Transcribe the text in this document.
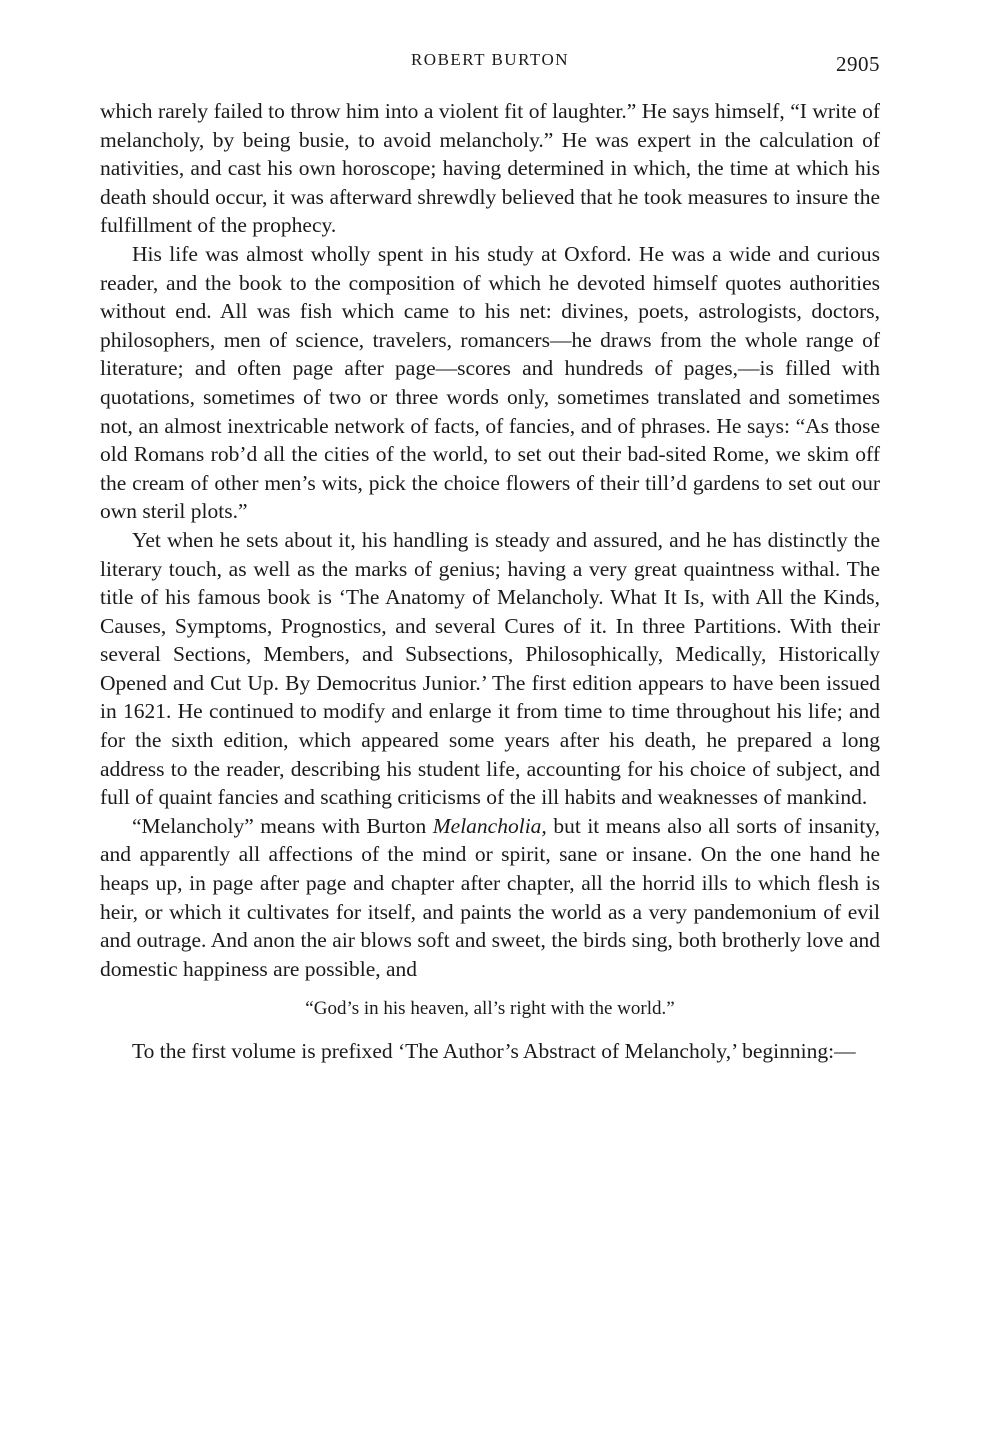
ROBERT BURTON	2905

which rarely failed to throw him into a violent fit of laughter.” He says himself, “I write of melancholy, by being busie, to avoid melancholy.” He was expert in the calculation of nativities, and cast his own horoscope; having determined in which, the time at which his death should occur, it was afterward shrewdly believed that he took measures to insure the fulfillment of the prophecy.

His life was almost wholly spent in his study at Oxford. He was a wide and curious reader, and the book to the composition of which he devoted himself quotes authorities without end. All was fish which came to his net: divines, poets, astrologists, doctors, philosophers, men of science, travelers, romancers—he draws from the whole range of literature; and often page after page—scores and hundreds of pages,—is filled with quotations, sometimes of two or three words only, sometimes translated and sometimes not, an almost inextricable network of facts, of fancies, and of phrases. He says: “As those old Romans rob’d all the cities of the world, to set out their bad-sited Rome, we skim off the cream of other men’s wits, pick the choice flowers of their till’d gardens to set out our own steril plots.”

Yet when he sets about it, his handling is steady and assured, and he has distinctly the literary touch, as well as the marks of genius; having a very great quaintness withal. The title of his famous book is ‘The Anatomy of Melancholy. What It Is, with All the Kinds, Causes, Symptoms, Prognostics, and several Cures of it. In three Partitions. With their several Sections, Members, and Subsections, Philosophically, Medically, Historically Opened and Cut Up. By Democritus Junior.’ The first edition appears to have been issued in 1621. He continued to modify and enlarge it from time to time throughout his life; and for the sixth edition, which appeared some years after his death, he prepared a long address to the reader, describing his student life, accounting for his choice of subject, and full of quaint fancies and scathing criticisms of the ill habits and weaknesses of mankind.

“Melancholy” means with Burton Melancholia, but it means also all sorts of insanity, and apparently all affections of the mind or spirit, sane or insane. On the one hand he heaps up, in page after page and chapter after chapter, all the horrid ills to which flesh is heir, or which it cultivates for itself, and paints the world as a very pandemonium of evil and outrage. And anon the air blows soft and sweet, the birds sing, both brotherly love and domestic happiness are possible, and

“God’s in his heaven, all’s right with the world.”

To the first volume is prefixed ‘The Author’s Abstract of Melancholy,’ beginning:—
